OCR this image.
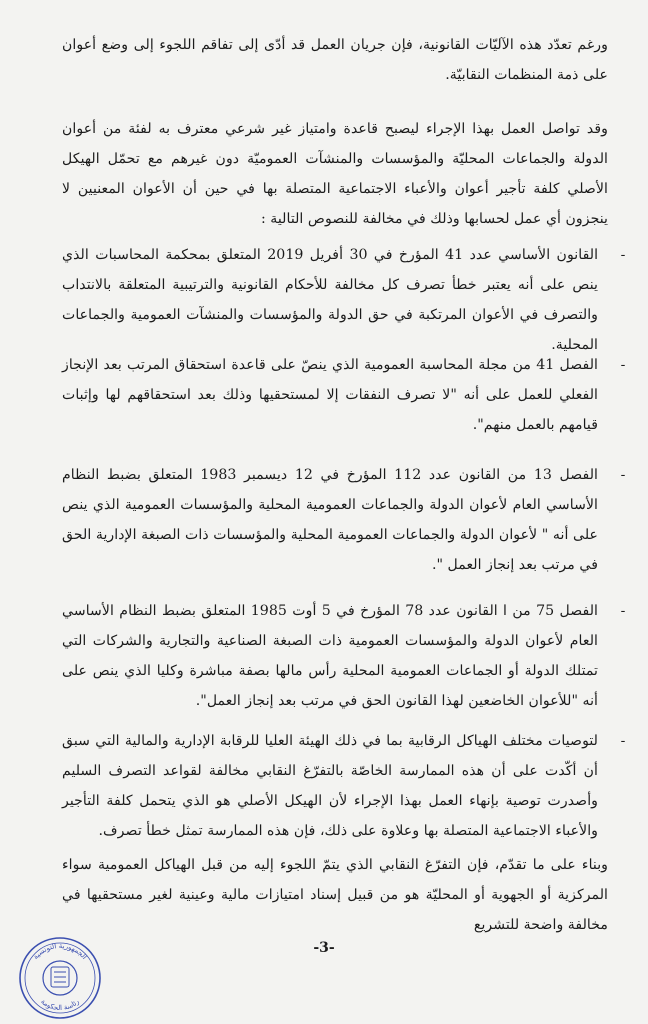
ورغم تعدّد هذه الآليّات القانونية، فإن جريان العمل قد أدّى إلى تفاقم اللجوء إلى وضع أعوان على ذمة المنظمات النقابيّة.
وقد تواصل العمل بهذا الإجراء ليصبح قاعدة وامتياز غير شرعي معترف به لفئة من أعوان الدولة والجماعات المحليّة والمؤسسات والمنشآت العموميّة دون غيرهم مع تحمّل الهيكل الأصلي كلفة تأجير أعوان والأعباء الاجتماعية المتصلة بها في حين أن الأعوان المعنيين لا ينجزون أي عمل لحسابها وذلك في مخالفة للنصوص التالية :
القانون الأساسي عدد 41 المؤرخ في 30 أفريل 2019 المتعلق بمحكمة المحاسبات الذي ينص على أنه يعتبر خطأ تصرف كل مخالفة للأحكام القانونية والترتيبية المتعلقة بالانتداب والتصرف في الأعوان المرتكبة في حق الدولة والمؤسسات والمنشآت العمومية والجماعات المحلية.
-
الفصل 41 من مجلة المحاسبة العمومية الذي ينصّ على قاعدة استحقاق المرتب بعد الإنجاز الفعلي للعمل على أنه "لا تصرف النفقات إلا لمستحقيها وذلك بعد استحقاقهم لها وإثبات قيامهم بالعمل منهم".
-
الفصل 13 من القانون عدد 112 المؤرخ في 12 ديسمبر 1983 المتعلق بضبط النظام الأساسي العام لأعوان الدولة والجماعات العمومية المحلية والمؤسسات العمومية الذي ينص على أنه " لأعوان الدولة والجماعات العمومية المحلية والمؤسسات ذات الصبغة الإدارية الحق في مرتب بعد إنجاز العمل ".
-
الفصل 75 من ا القانون عدد 78 المؤرخ في 5 أوت 1985 المتعلق بضبط النظام الأساسي العام لأعوان الدولة والمؤسسات العمومية ذات الصبغة الصناعية والتجارية والشركات التي تمتلك الدولة أو الجماعات العمومية المحلية رأس مالها بصفة مباشرة وكليا الذي ينص على أنه "للأعوان الخاضعين لهذا القانون الحق في مرتب بعد إنجاز العمل".
-
لتوصيات مختلف الهياكل الرقابية بما في ذلك الهيئة العليا للرقابة الإدارية والمالية التي سبق أن أكّدت على أن هذه الممارسة الخاصّة بالتفرّغ النقابي مخالفة لقواعد التصرف السليم وأصدرت توصية بإنهاء العمل بهذا الإجراء لأن الهيكل الأصلي هو الذي يتحمل كلفة التأجير والأعباء الاجتماعية المتصلة بها وعلاوة على ذلك، فإن هذه الممارسة تمثل خطأ تصرف.
-
وبناء على ما تقدّم، فإن التفرّغ النقابي الذي يتمّ اللجوء إليه من قبل الهياكل العمومية سواء المركزية أو الجهوية أو المحليّة هو من قبيل إسناد امتيازات مالية وعينية لغير مستحقيها في مخالفة واضحة للتشريع
-3-
الجمهورية التونسية
رئاسة الحكومة
